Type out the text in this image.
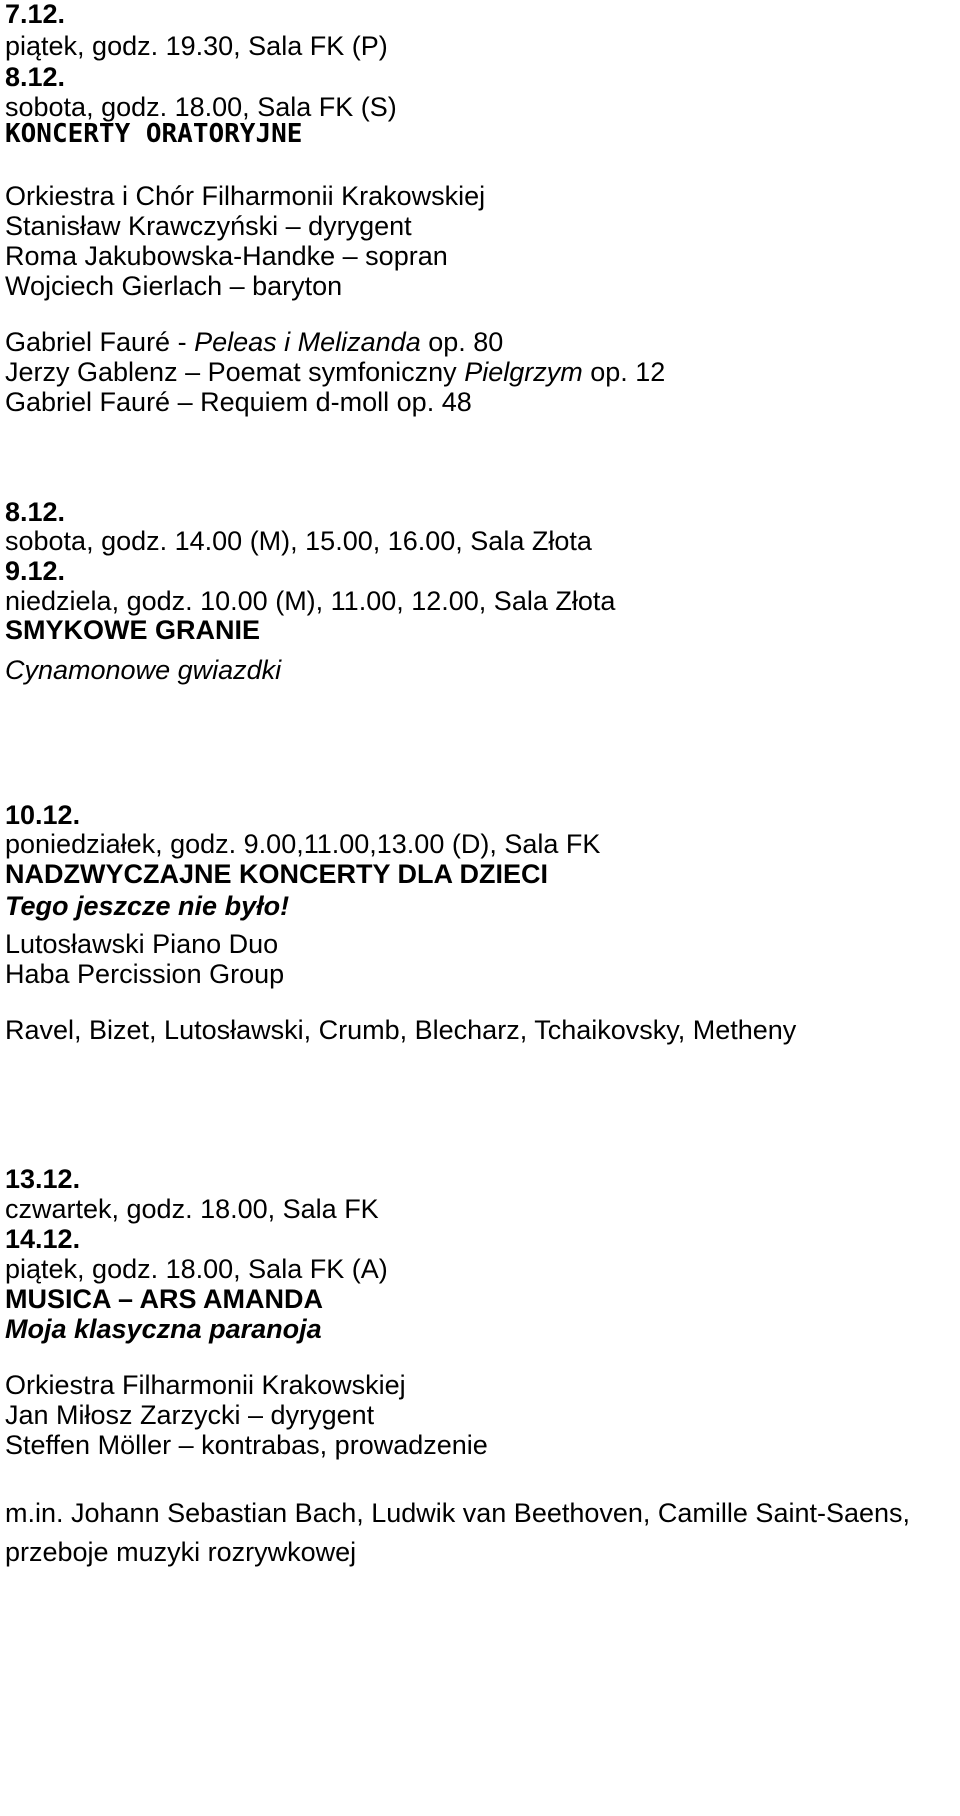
7.12.
piątek, godz. 19.30, Sala FK (P)
8.12.
sobota, godz. 18.00, Sala FK (S)
KONCERTY ORATORYJNE
Orkiestra i Chór Filharmonii Krakowskiej
Stanisław Krawczyński – dyrygent
Roma Jakubowska-Handke – sopran
Wojciech Gierlach – baryton
Gabriel Fauré - Peleas i Melizanda op. 80
Jerzy Gablenz – Poemat symfoniczny Pielgrzym op. 12
Gabriel Fauré – Requiem d-moll op. 48
8.12.
sobota, godz. 14.00 (M), 15.00, 16.00, Sala Złota
9.12.
niedziela, godz. 10.00 (M), 11.00, 12.00, Sala Złota
SMYKOWE GRANIE
Cynamonowe gwiazdki
10.12.
poniedziałek, godz. 9.00,11.00,13.00 (D), Sala FK
NADZWYCZAJNE KONCERTY DLA DZIECI
Tego jeszcze nie było!
Lutosławski Piano Duo
Haba Percission Group
Ravel, Bizet, Lutosławski, Crumb, Blecharz, Tchaikovsky, Metheny
13.12.
czwartek, godz. 18.00, Sala FK
14.12.
piątek, godz. 18.00, Sala FK (A)
MUSICA – ARS AMANDA
Moja klasyczna paranoja
Orkiestra Filharmonii Krakowskiej
Jan Miłosz Zarzycki – dyrygent
Steffen Möller – kontrabas, prowadzenie
m.in. Johann Sebastian Bach, Ludwik van Beethoven, Camille Saint-Saens,
przeboje muzyki rozrywkowej
